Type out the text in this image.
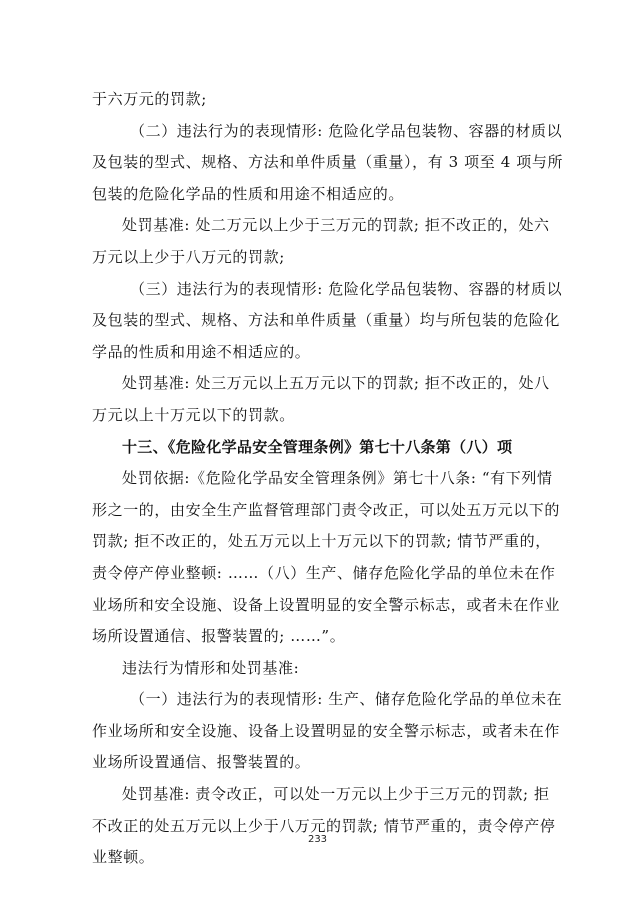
于六万元的罚款;
（二）违法行为的表现情形: 危险化学品包装物、容器的材质以
及包装的型式、规格、方法和单件质量（重量），有 3 项至 4 项与所
包装的危险化学品的性质和用途不相适应的。
处罚基准: 处二万元以上少于三万元的罚款; 拒不改正的，处六
万元以上少于八万元的罚款;
（三）违法行为的表现情形: 危险化学品包装物、容器的材质以
及包装的型式、规格、方法和单件质量（重量）均与所包装的危险化
学品的性质和用途不相适应的。
处罚基准: 处三万元以上五万元以下的罚款; 拒不改正的，处八
万元以上十万元以下的罚款。
十三、《危险化学品安全管理条例》第七十八条第（八）项
处罚依据:《危险化学品安全管理条例》第七十八条: “有下列情
形之一的，由安全生产监督管理部门责令改正，可以处五万元以下的
罚款; 拒不改正的，处五万元以上十万元以下的罚款; 情节严重的，
责令停产停业整顿: ……（八）生产、储存危险化学品的单位未在作
业场所和安全设施、设备上设置明显的安全警示标志，或者未在作业
场所设置通信、报警装置的; ……”。
违法行为情形和处罚基准:
（一）违法行为的表现情形: 生产、储存危险化学品的单位未在
作业场所和安全设施、设备上设置明显的安全警示标志，或者未在作
业场所设置通信、报警装置的。
处罚基准: 责令改正，可以处一万元以上少于三万元的罚款; 拒
不改正的处五万元以上少于八万元的罚款; 情节严重的，责令停产停
业整顿。
233
